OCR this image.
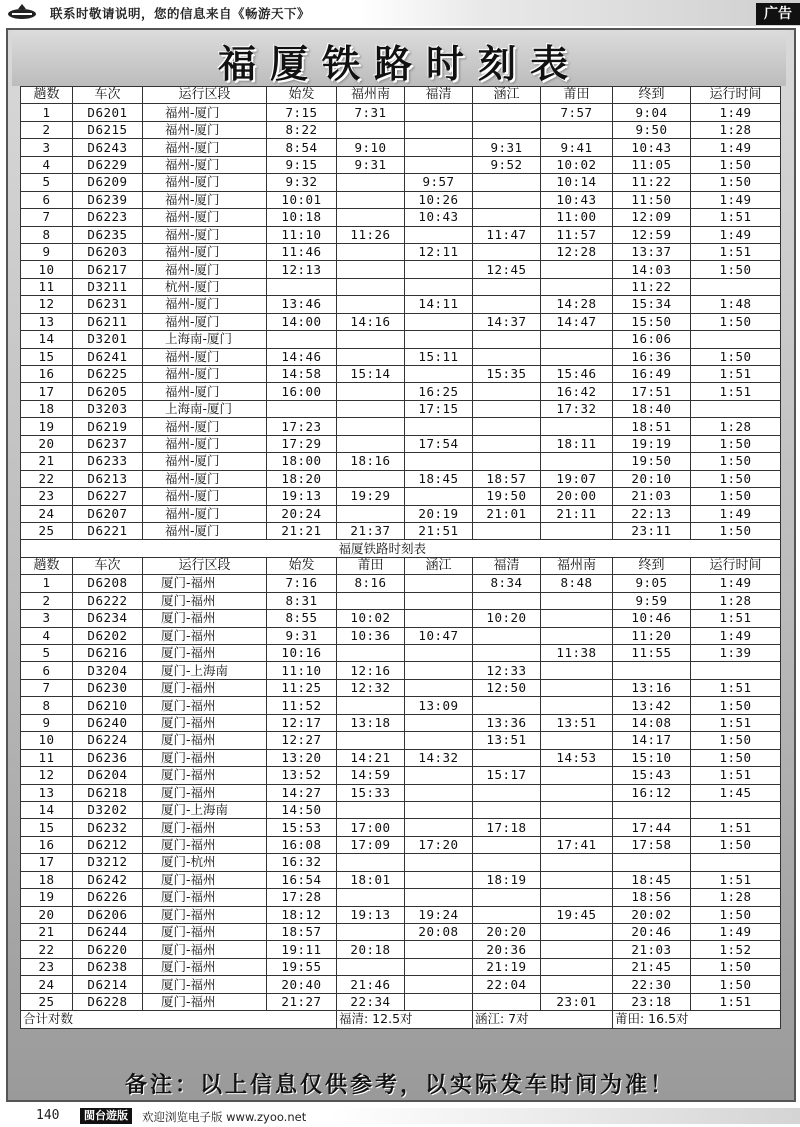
联系时敬请说明，您的信息来自《畅游天下》	广告
福厦铁路时刻表
趟数	车次	运行区段	始发	福州南	福清	涵江	莆田	终到	运行时间
1	D6201	福州-厦门	7:15	7:31			7:57	9:04	1:49
2	D6215	福州-厦门	8:22					9:50	1:28
3	D6243	福州-厦门	8:54	9:10		9:31	9:41	10:43	1:49
4	D6229	福州-厦门	9:15	9:31		9:52	10:02	11:05	1:50
5	D6209	福州-厦门	9:32		9:57		10:14	11:22	1:50
6	D6239	福州-厦门	10:01		10:26		10:43	11:50	1:49
7	D6223	福州-厦门	10:18		10:43		11:00	12:09	1:51
8	D6235	福州-厦门	11:10	11:26		11:47	11:57	12:59	1:49
9	D6203	福州-厦门	11:46		12:11		12:28	13:37	1:51
10	D6217	福州-厦门	12:13			12:45		14:03	1:50
11	D3211	杭州-厦门						11:22	
12	D6231	福州-厦门	13:46		14:11		14:28	15:34	1:48
13	D6211	福州-厦门	14:00	14:16		14:37	14:47	15:50	1:50
14	D3201	上海南-厦门						16:06	
15	D6241	福州-厦门	14:46		15:11			16:36	1:50
16	D6225	福州-厦门	14:58	15:14		15:35	15:46	16:49	1:51
17	D6205	福州-厦门	16:00		16:25		16:42	17:51	1:51
18	D3203	上海南-厦门			17:15		17:32	18:40	
19	D6219	福州-厦门	17:23					18:51	1:28
20	D6237	福州-厦门	17:29		17:54		18:11	19:19	1:50
21	D6233	福州-厦门	18:00	18:16				19:50	1:50
22	D6213	福州-厦门	18:20		18:45	18:57	19:07	20:10	1:50
23	D6227	福州-厦门	19:13	19:29		19:50	20:00	21:03	1:50
24	D6207	福州-厦门	20:24		20:19	21:01	21:11	22:13	1:49
25	D6221	福州-厦门	21:21	21:37	21:51			23:11	1:50
				福厦铁路时刻表					
趟数	车次	运行区段	始发	莆田	涵江	福清	福州南	终到	运行时间
1	D6208	厦门-福州	7:16	8:16		8:34	8:48	9:05	1:49
2	D6222	厦门-福州	8:31					9:59	1:28
3	D6234	厦门-福州	8:55	10:02		10:20		10:46	1:51
4	D6202	厦门-福州	9:31	10:36	10:47			11:20	1:49
5	D6216	厦门-福州	10:16				11:38	11:55	1:39
6	D3204	厦门-上海南	11:10	12:16		12:33			
7	D6230	厦门-福州	11:25	12:32		12:50		13:16	1:51
8	D6210	厦门-福州	11:52		13:09			13:42	1:50
9	D6240	厦门-福州	12:17	13:18		13:36	13:51	14:08	1:51
10	D6224	厦门-福州	12:27			13:51		14:17	1:50
11	D6236	厦门-福州	13:20	14:21	14:32		14:53	15:10	1:50
12	D6204	厦门-福州	13:52	14:59		15:17		15:43	1:51
13	D6218	厦门-福州	14:27	15:33				16:12	1:45
14	D3202	厦门-上海南	14:50						
15	D6232	厦门-福州	15:53	17:00		17:18		17:44	1:51
16	D6212	厦门-福州	16:08	17:09	17:20		17:41	17:58	1:50
17	D3212	厦门-杭州	16:32						
18	D6242	厦门-福州	16:54	18:01		18:19		18:45	1:51
19	D6226	厦门-福州	17:28					18:56	1:28
20	D6206	厦门-福州	18:12	19:13	19:24		19:45	20:02	1:50
21	D6244	厦门-福州	18:57		20:08	20:20		20:46	1:49
22	D6220	厦门-福州	19:11	20:18		20:36		21:03	1:52
23	D6238	厦门-福州	19:55			21:19		21:45	1:50
24	D6214	厦门-福州	20:40	21:46		22:04		22:30	1:50
25	D6228	厦门-福州	21:27	22:34			23:01	23:18	1:51
合计对数				福清: 12.5对		涵江: 7对		莆田: 16.5对	
备注：以上信息仅供参考，以实际发车时间为准！
140	閩台遊版	欢迎浏览电子版 www.zyoo.net
